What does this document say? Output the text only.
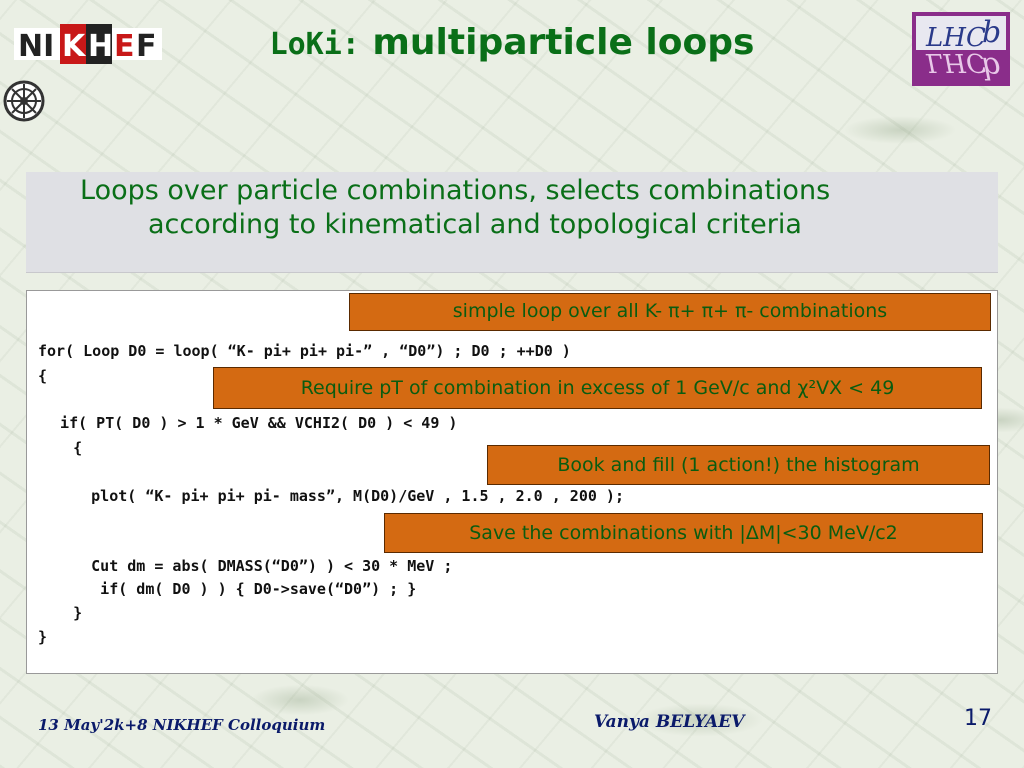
NI K H E F	LHC
b
LHC
b
LoKi: multiparticle loops
Loops over particle combinations, selects combinations
according to kinematical and topological criteria
for( Loop D0 = loop( “K- pi+ pi+ pi-” , “D0”) ; D0 ; ++D0 )
{
if( PT( D0 ) > 1 * GeV && VCHI2( D0 ) < 49 )
{
plot( “K- pi+ pi+ pi- mass”, M(D0)/GeV , 1.5 , 2.0 , 200 );
Cut dm = abs( DMASS(“D0”) ) < 30 * MeV ;
if( dm( D0 ) ) { D0->save(“D0”) ; }
}
}
simple loop over all K- π+ π+ π- combinations
Require pT of combination in excess of 1 GeV/c and χ²VX < 49
Book and fill (1 action!) the histogram
Save the combinations with |ΔM|<30 MeV/c2
13 May'2k+8 NIKHEF Colloquium	Vanya BELYAEV	17
